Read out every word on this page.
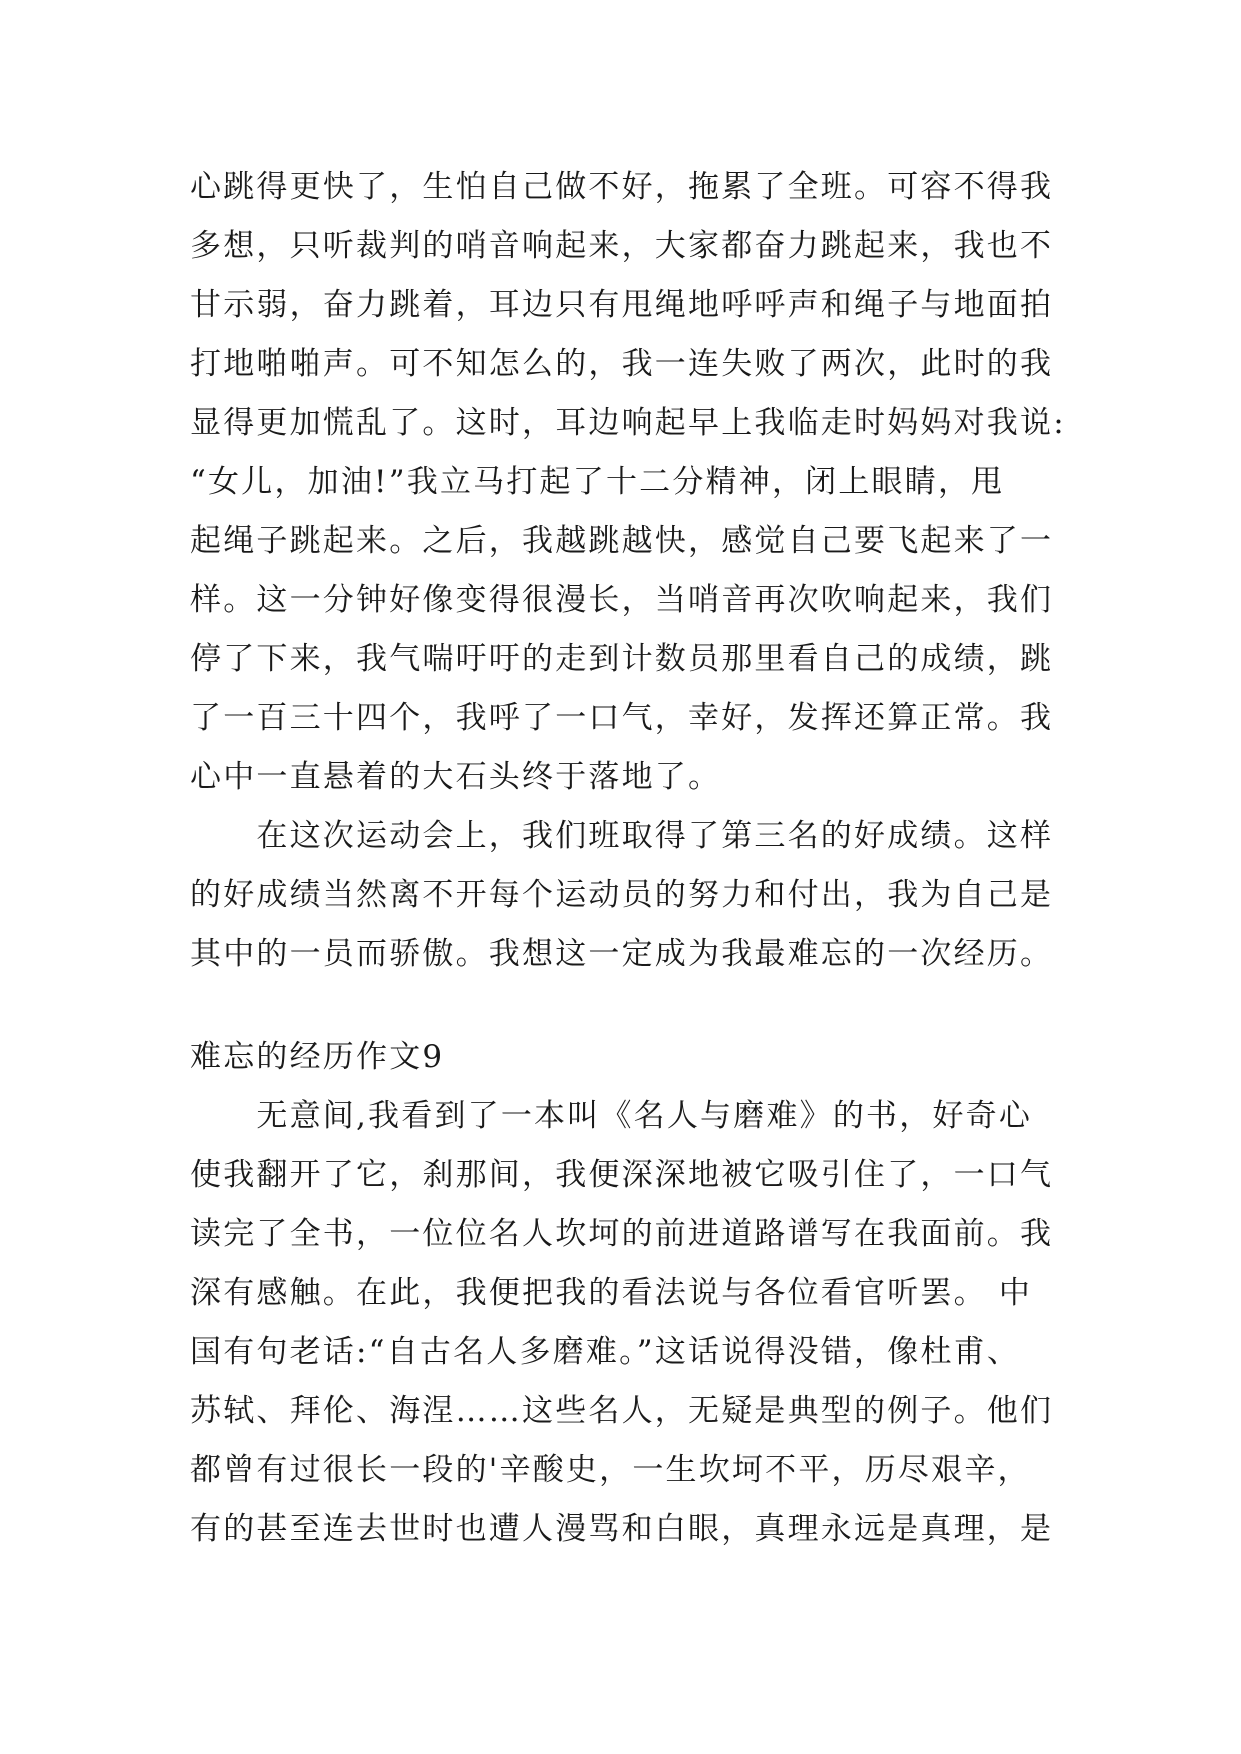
心跳得更快了，生怕自己做不好，拖累了全班。可容不得我
多想，只听裁判的哨音响起来，大家都奋力跳起来，我也不
甘示弱，奋力跳着，耳边只有甩绳地呼呼声和绳子与地面拍
打地啪啪声。可不知怎么的，我一连失败了两次，此时的我
显得更加慌乱了。这时，耳边响起早上我临走时妈妈对我说:
“女儿，加油!”我立马打起了十二分精神，闭上眼睛，甩
起绳子跳起来。之后，我越跳越快，感觉自己要飞起来了一
样。这一分钟好像变得很漫长，当哨音再次吹响起来，我们
停了下来，我气喘吁吁的走到计数员那里看自己的成绩，跳
了一百三十四个，我呼了一口气，幸好，发挥还算正常。我
心中一直悬着的大石头终于落地了。
　　在这次运动会上，我们班取得了第三名的好成绩。这样
的好成绩当然离不开每个运动员的努力和付出，我为自己是
其中的一员而骄傲。我想这一定成为我最难忘的一次经历。
难忘的经历作文9
　　无意间,我看到了一本叫《名人与磨难》的书，好奇心
使我翻开了它，刹那间，我便深深地被它吸引住了，一口气
读完了全书，一位位名人坎坷的前进道路谱写在我面前。我
深有感触。在此，我便把我的看法说与各位看官听罢。 中
国有句老话:“自古名人多磨难。”这话说得没错，像杜甫、
苏轼、拜伦、海涅……这些名人，无疑是典型的例子。他们
都曾有过很长一段的'辛酸史，一生坎坷不平，历尽艰辛，
有的甚至连去世时也遭人漫骂和白眼，真理永远是真理，是
